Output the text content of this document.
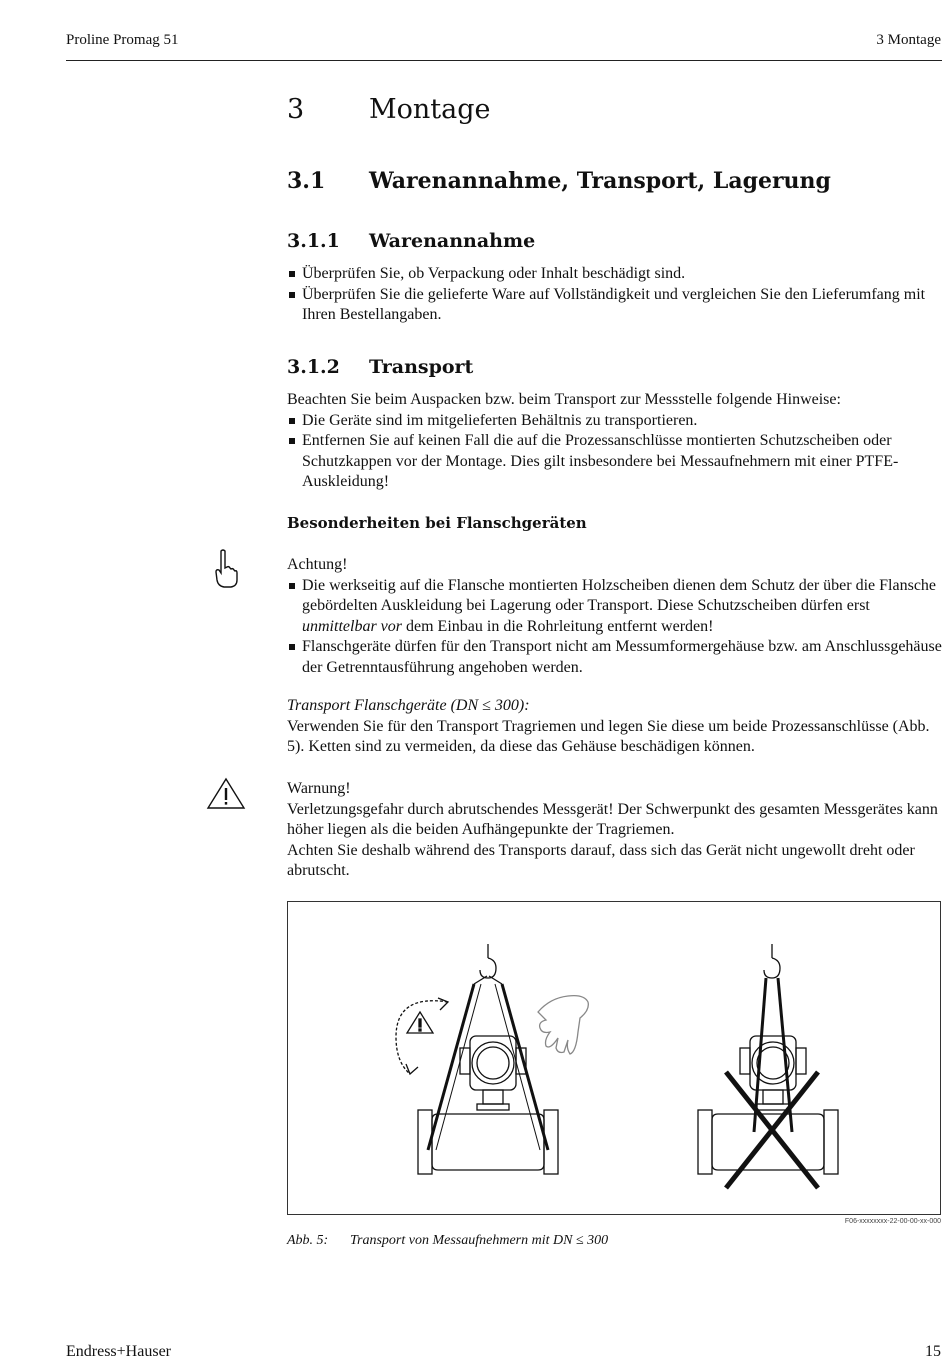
Proline Promag 51	3 Montage
3 Montage
3.1 Warenannahme, Transport, Lagerung
3.1.1 Warenannahme
Überprüfen Sie, ob Verpackung oder Inhalt beschädigt sind.
Überprüfen Sie die gelieferte Ware auf Vollständigkeit und vergleichen Sie den Lieferumfang mit Ihren Bestellangaben.
3.1.2 Transport
Beachten Sie beim Auspacken bzw. beim Transport zur Messstelle folgende Hinweise:
Die Geräte sind im mitgelieferten Behältnis zu transportieren.
Entfernen Sie auf keinen Fall die auf die Prozessanschlüsse montierten Schutzscheiben oder Schutzkappen vor der Montage. Dies gilt insbesondere bei Messaufnehmern mit einer PTFE-Auskleidung!
Besonderheiten bei Flanschgeräten
Achtung!
Die werkseitig auf die Flansche montierten Holzscheiben dienen dem Schutz der über die Flansche gebördelten Auskleidung bei Lagerung oder Transport. Diese Schutzscheiben dürfen erst unmittelbar vor dem Einbau in die Rohrleitung entfernt werden!
Flanschgeräte dürfen für den Transport nicht am Messumformergehäuse bzw. am Anschlussgehäuse der Getrenntausführung angehoben werden.
Transport Flanschgeräte (DN ≤ 300):
Verwenden Sie für den Transport Tragriemen und legen Sie diese um beide Prozessanschlüsse (Abb. 5). Ketten sind zu vermeiden, da diese das Gehäuse beschädigen können.
Warnung!
Verletzungsgefahr durch abrutschendes Messgerät! Der Schwerpunkt des gesamten Messgerätes kann höher liegen als die beiden Aufhängepunkte der Tragriemen.
Achten Sie deshalb während des Transports darauf, dass sich das Gerät nicht ungewollt dreht oder abrutscht.
F06-xxxxxxxx-22-00-00-xx-000
Abb. 5: Transport von Messaufnehmern mit DN ≤ 300
Endress+Hauser	15
